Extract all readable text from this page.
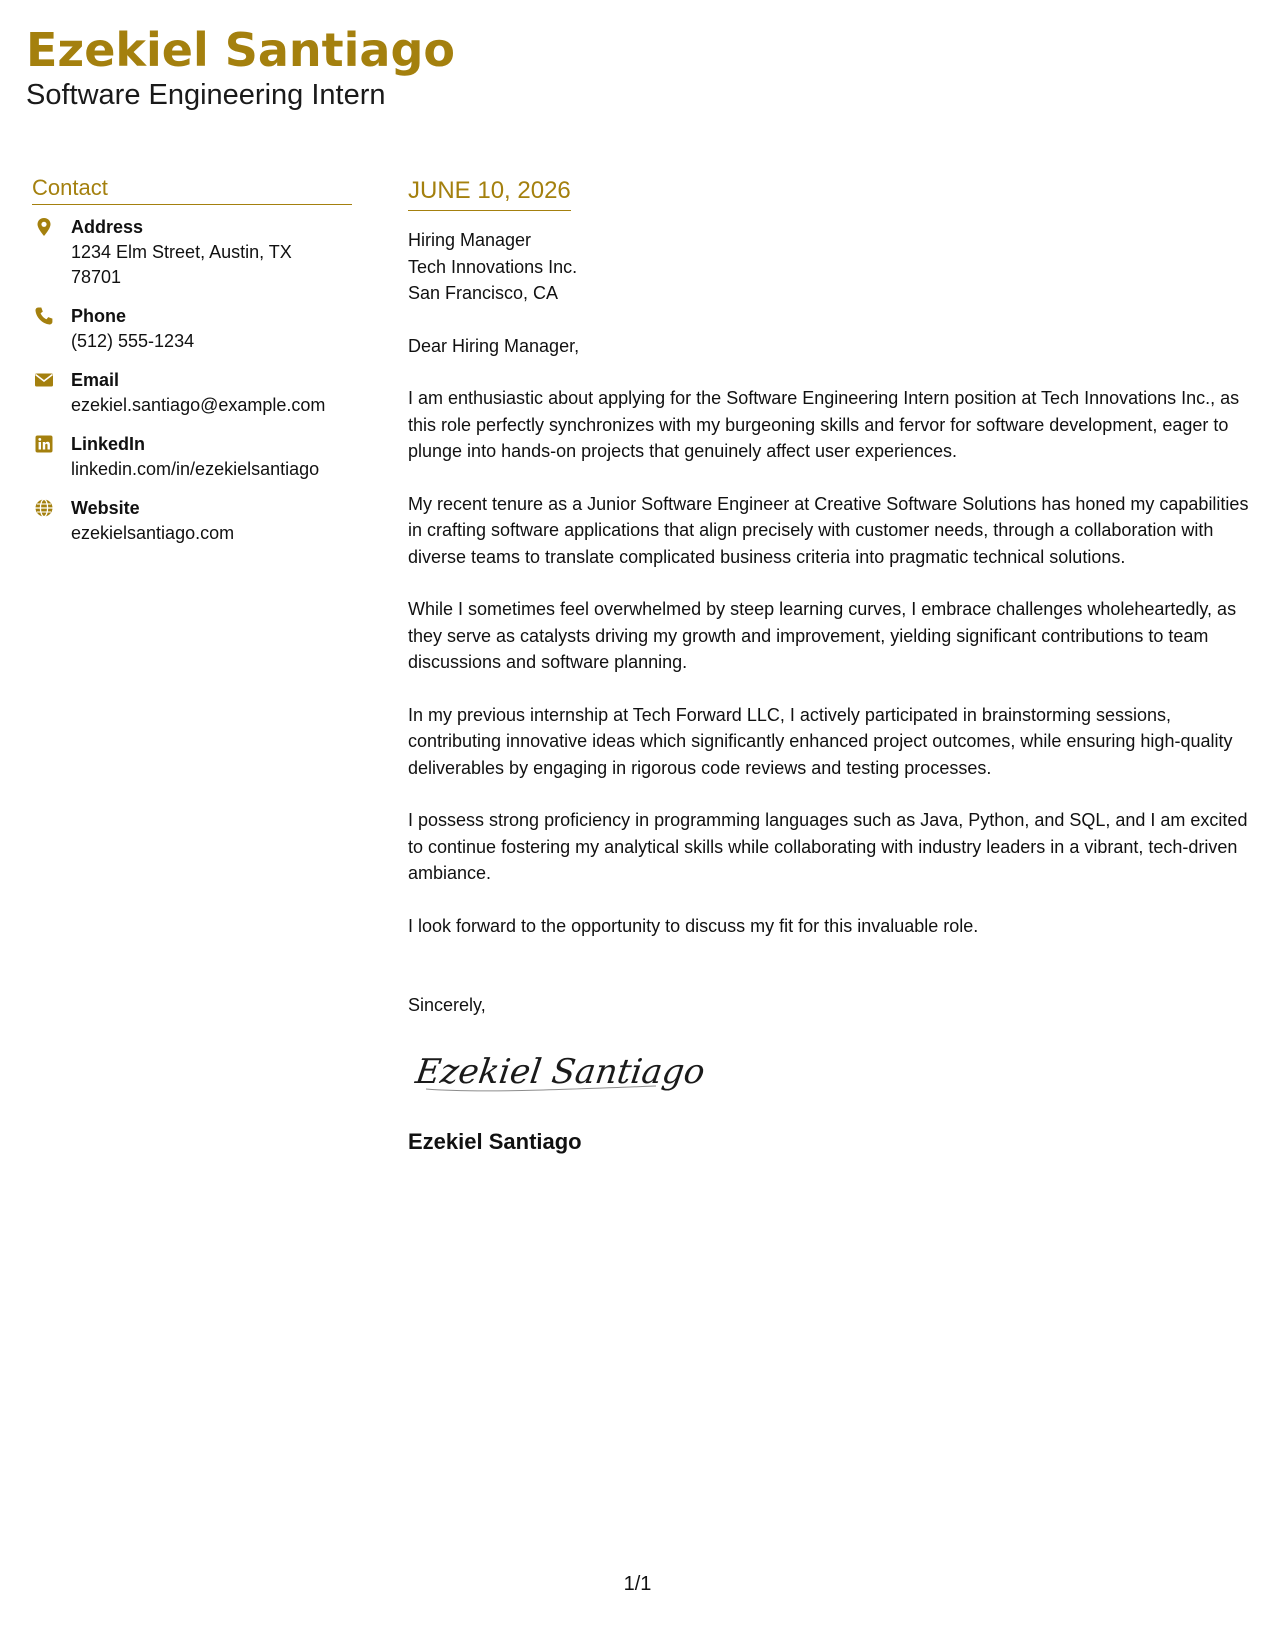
Ezekiel Santiago
Software Engineering Intern
Contact
Address
1234 Elm Street, Austin, TX
78701
Phone
(512) 555-1234
Email
ezekiel.santiago@example.com
LinkedIn
linkedin.com/in/ezekielsantiago
Website
ezekielsantiago.com
JUNE 10, 2026
Hiring Manager
Tech Innovations Inc.
San Francisco, CA
Dear Hiring Manager,
I am enthusiastic about applying for the Software Engineering Intern position at Tech Innovations Inc., as this role perfectly synchronizes with my burgeoning skills and fervor for software development, eager to plunge into hands-on projects that genuinely affect user experiences.
My recent tenure as a Junior Software Engineer at Creative Software Solutions has honed my capabilities in crafting software applications that align precisely with customer needs, through a collaboration with diverse teams to translate complicated business criteria into pragmatic technical solutions.
While I sometimes feel overwhelmed by steep learning curves, I embrace challenges wholeheartedly, as they serve as catalysts driving my growth and improvement, yielding significant contributions to team discussions and software planning.
In my previous internship at Tech Forward LLC, I actively participated in brainstorming sessions, contributing innovative ideas which significantly enhanced project outcomes, while ensuring high-quality deliverables by engaging in rigorous code reviews and testing processes.
I possess strong proficiency in programming languages such as Java, Python, and SQL, and I am excited to continue fostering my analytical skills while collaborating with industry leaders in a vibrant, tech-driven ambiance.
I look forward to the opportunity to discuss my fit for this invaluable role.
Sincerely,
Ezekiel Santiago
Ezekiel Santiago
1/1
